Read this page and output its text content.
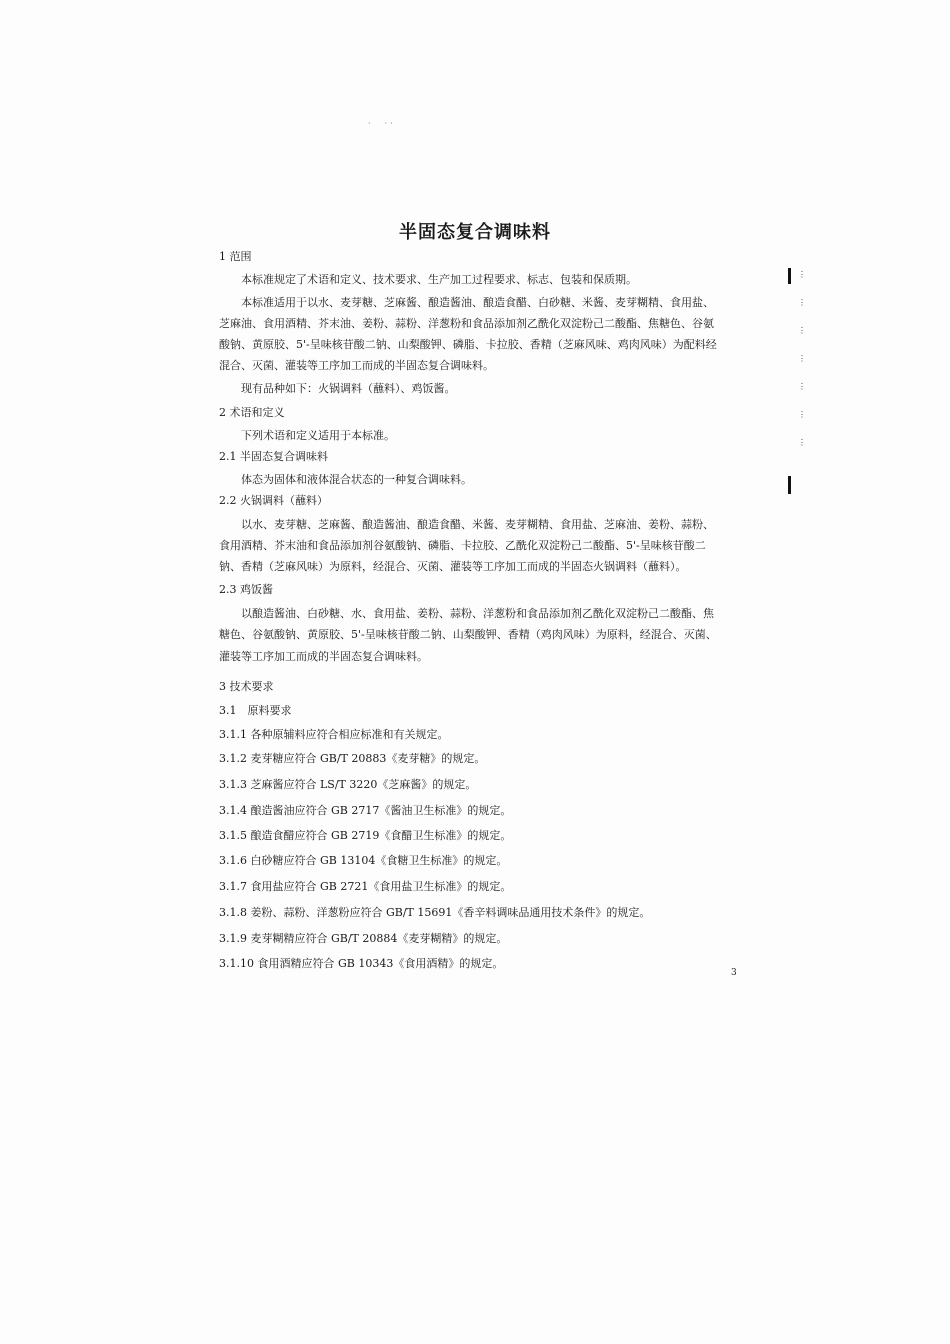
·　··
半固态复合调味料
1 范围
本标准规定了术语和定义、技术要求、生产加工过程要求、标志、包装和保质期。
本标准适用于以水、麦芽糖、芝麻酱、酿造酱油、酿造食醋、白砂糖、米酱、麦芽糊精、食用盐、
芝麻油、食用酒精、芥末油、姜粉、蒜粉、洋葱粉和食品添加剂乙酰化双淀粉己二酸酯、焦糖色、谷氨
酸钠、黄原胶、5'-呈味核苷酸二钠、山梨酸钾、磷脂、卡拉胶、香精（芝麻风味、鸡肉风味）为配料经
混合、灭菌、灌装等工序加工而成的半固态复合调味料。
现有品种如下：火锅调料（蘸料）、鸡饭酱。
2 术语和定义
下列术语和定义适用于本标准。
2.1 半固态复合调味料
体态为固体和液体混合状态的一种复合调味料。
2.2 火锅调料（蘸料）
以水、麦芽糖、芝麻酱、酿造酱油、酿造食醋、米酱、麦芽糊精、食用盐、芝麻油、姜粉、蒜粉、
食用酒精、芥末油和食品添加剂谷氨酸钠、磷脂、卡拉胶、乙酰化双淀粉己二酸酯、5'-呈味核苷酸二
钠、香精（芝麻风味）为原料，经混合、灭菌、灌装等工序加工而成的半固态火锅调料（蘸料）。
2.3 鸡饭酱
以酿造酱油、白砂糖、水、食用盐、姜粉、蒜粉、洋葱粉和食品添加剂乙酰化双淀粉己二酸酯、焦
糖色、谷氨酸钠、黄原胶、5'-呈味核苷酸二钠、山梨酸钾、香精（鸡肉风味）为原料，经混合、灭菌、
灌装等工序加工而成的半固态复合调味料。
3 技术要求
3.1　原料要求
3.1.1 各种原辅料应符合相应标准和有关规定。
3.1.2 麦芽糖应符合 GB/T 20883《麦芽糖》的规定。
3.1.3 芝麻酱应符合 LS/T 3220《芝麻酱》的规定。
3.1.4 酿造酱油应符合 GB 2717《酱油卫生标准》的规定。
3.1.5 酿造食醋应符合 GB 2719《食醋卫生标准》的规定。
3.1.6 白砂糖应符合 GB 13104《食糖卫生标准》的规定。
3.1.7 食用盐应符合 GB 2721《食用盐卫生标准》的规定。
3.1.8 姜粉、蒜粉、洋葱粉应符合 GB/T 15691《香辛料调味品通用技术条件》的规定。
3.1.9 麦芽糊精应符合 GB/T 20884《麦芽糊精》的规定。
3.1.10 食用酒精应符合 GB 10343《食用酒精》的规定。
3
⋮
⋮
⋮
⋮
⋮
⋮
⋮
